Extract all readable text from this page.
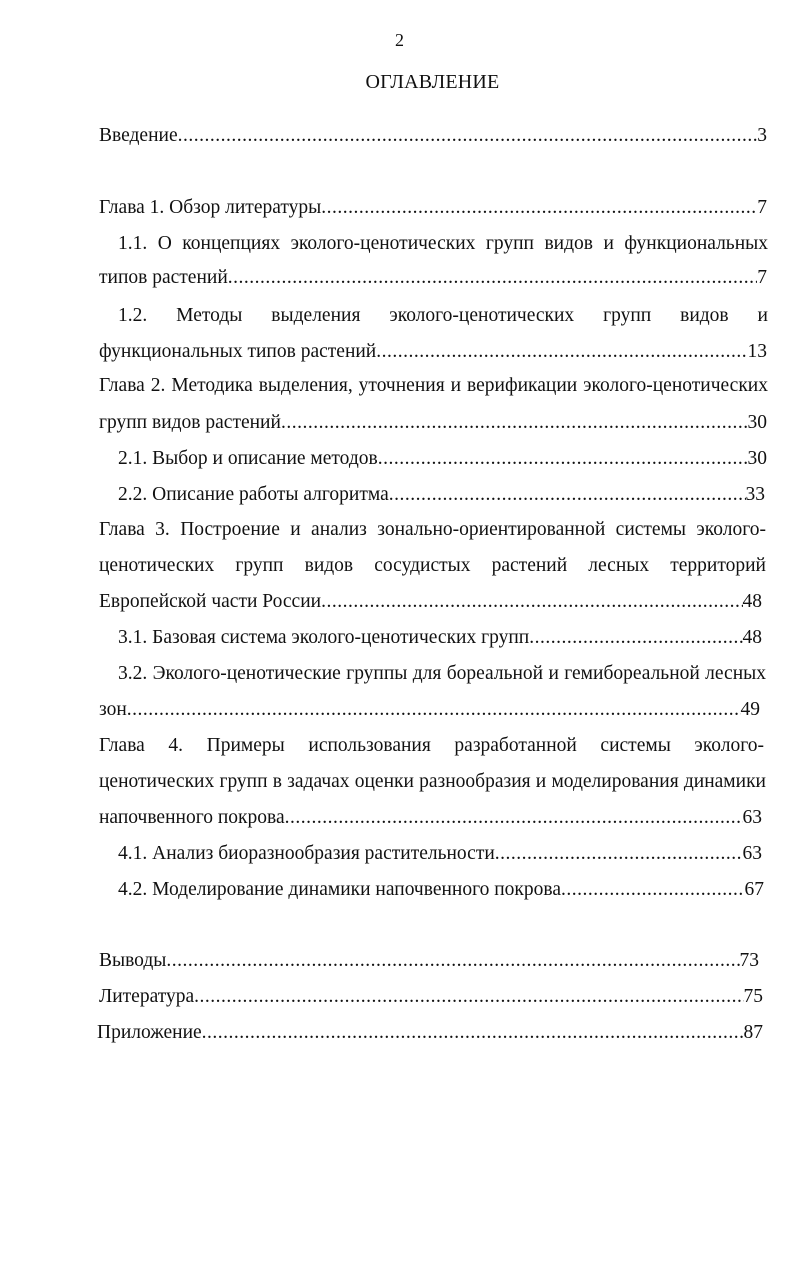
2
ОГЛАВЛЕНИЕ
Введение .....	3
Глава 1. Обзор литературы .....	7
1.1. О концепциях эколого-ценотических групп видов и функциональных
типов растений .....	7
1.2. Методы выделения эколого-ценотических групп видов и
функциональных типов растений .....	13
Глава 2. Методика выделения, уточнения и верификации эколого-ценотических
групп видов растений .....	30
2.1. Выбор и описание методов .....	30
2.2. Описание работы алгоритма .....	33
Глава 3. Построение и анализ зонально-ориентированной системы эколого-
ценотических групп видов сосудистых растений лесных территорий
Европейской части России .....	48
3.1. Базовая система эколого-ценотических групп .....	48
3.2. Эколого-ценотические группы для бореальной и гемибореальной лесных
зон .....	49
Глава 4. Примеры использования разработанной системы эколого-
ценотических групп в задачах оценки разнообразия и моделирования динамики
напочвенного покрова .....	63
4.1. Анализ биоразнообразия растительности .....	63
4.2. Моделирование динамики напочвенного покрова .....	67
Выводы .....	73
Литература .....	75
Приложение .....	87
